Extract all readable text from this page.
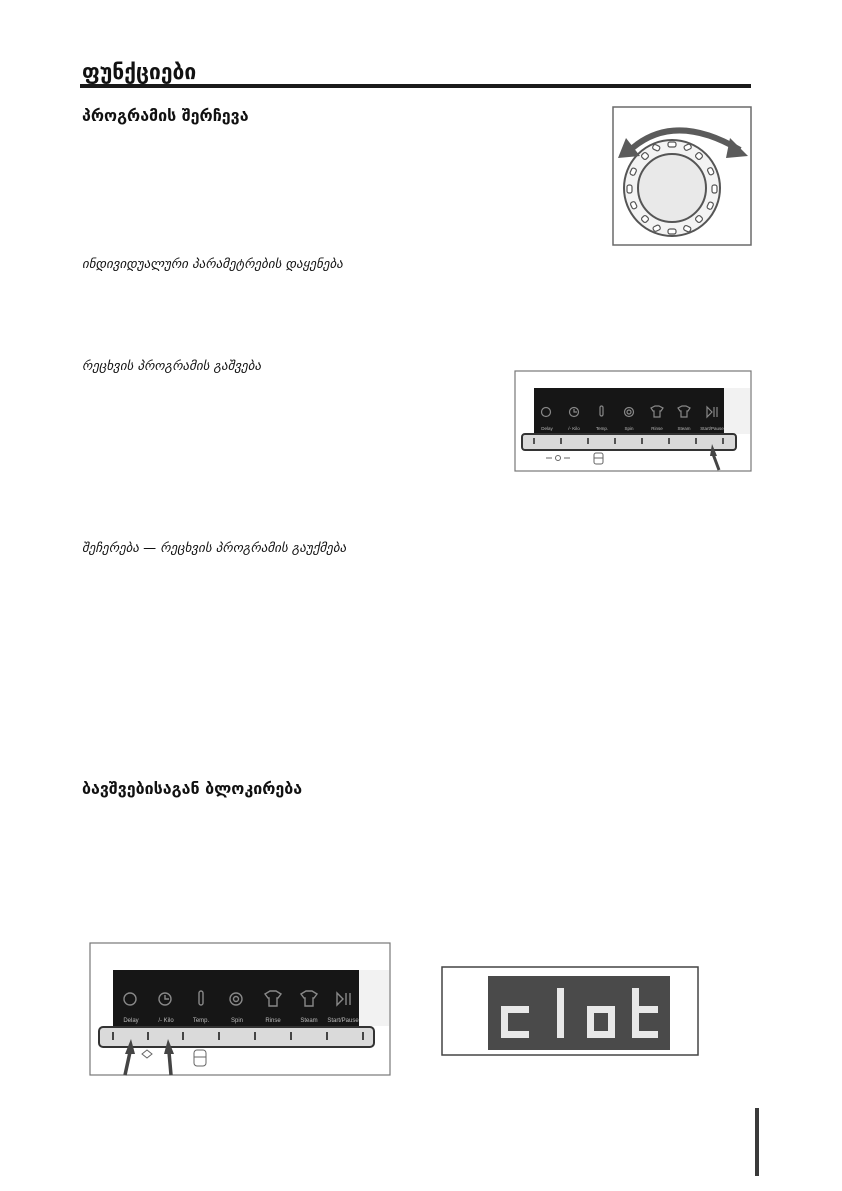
ფუნქციები
პროგრამის შერჩევა
ინდივიდუალური პარამეტრების დაყენება
რეცხვის პროგრამის გაშვება
შეჩერება — რეცხვის პროგრამის გაუქმება
ბავშვებისაგან ბლოკირება
Delay	/- Kilo	Temp.	Spin	Rinse	Steam Start/Pause
Delay	/- Kilo	Temp.	Spin	Rinse	Steam Start/Pause
